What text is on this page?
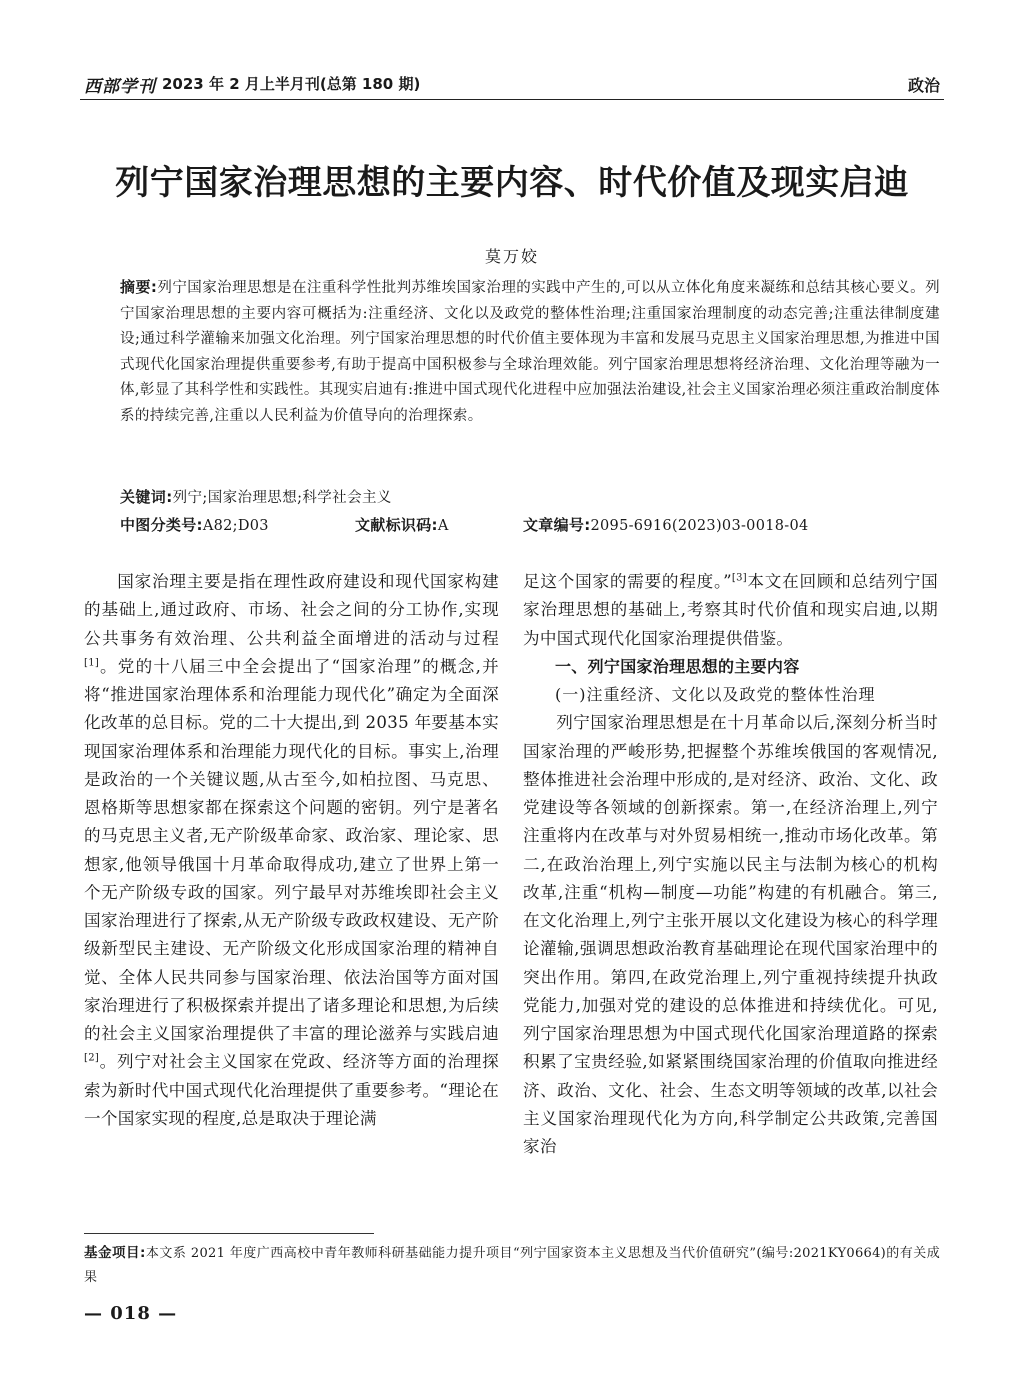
西部学刊 2023 年 2 月上半月刊(总第 180 期)	政治
列宁国家治理思想的主要内容、时代价值及现实启迪
莫万姣
摘要:列宁国家治理思想是在注重科学性批判苏维埃国家治理的实践中产生的,可以从立体化角度来凝练和总结其核心要义。列宁国家治理思想的主要内容可概括为:注重经济、文化以及政党的整体性治理;注重国家治理制度的动态完善;注重法律制度建设;通过科学灌输来加强文化治理。列宁国家治理思想的时代价值主要体现为丰富和发展马克思主义国家治理思想,为推进中国式现代化国家治理提供重要参考,有助于提高中国积极参与全球治理效能。列宁国家治理思想将经济治理、文化治理等融为一体,彰显了其科学性和实践性。其现实启迪有:推进中国式现代化进程中应加强法治建设,社会主义国家治理必须注重政治制度体系的持续完善,注重以人民利益为价值导向的治理探索。
关键词:列宁;国家治理思想;科学社会主义
中图分类号:A82;D03	文献标识码:A	文章编号:2095-6916(2023)03-0018-04

国家治理主要是指在理性政府建设和现代国家构建的基础上,通过政府、市场、社会之间的分工协作,实现公共事务有效治理、公共利益全面增进的活动与过程[1]。党的十八届三中全会提出了“国家治理”的概念,并将“推进国家治理体系和治理能力现代化”确定为全面深化改革的总目标。党的二十大提出,到 2035 年要基本实现国家治理体系和治理能力现代化的目标。事实上,治理是政治的一个关键议题,从古至今,如柏拉图、马克思、恩格斯等思想家都在探索这个问题的密钥。列宁是著名的马克思主义者,无产阶级革命家、政治家、理论家、思想家,他领导俄国十月革命取得成功,建立了世界上第一个无产阶级专政的国家。列宁最早对苏维埃即社会主义国家治理进行了探索,从无产阶级专政政权建设、无产阶级新型民主建设、无产阶级文化形成国家治理的精神自觉、全体人民共同参与国家治理、依法治国等方面对国家治理进行了积极探索并提出了诸多理论和思想,为后续的社会主义国家治理提供了丰富的理论滋养与实践启迪[2]。列宁对社会主义国家在党政、经济等方面的治理探索为新时代中国式现代化治理提供了重要参考。“理论在一个国家实现的程度,总是取决于理论满

足这个国家的需要的程度。”[3]本文在回顾和总结列宁国家治理思想的基础上,考察其时代价值和现实启迪,以期为中国式现代化国家治理提供借鉴。

一、列宁国家治理思想的主要内容

(一)注重经济、文化以及政党的整体性治理

列宁国家治理思想是在十月革命以后,深刻分析当时国家治理的严峻形势,把握整个苏维埃俄国的客观情况,整体推进社会治理中形成的,是对经济、政治、文化、政党建设等各领域的创新探索。第一,在经济治理上,列宁注重将内在改革与对外贸易相统一,推动市场化改革。第二,在政治治理上,列宁实施以民主与法制为核心的机构改革,注重“机构—制度—功能”构建的有机融合。第三,在文化治理上,列宁主张开展以文化建设为核心的科学理论灌输,强调思想政治教育基础理论在现代国家治理中的突出作用。第四,在政党治理上,列宁重视持续提升执政党能力,加强对党的建设的总体推进和持续优化。可见,列宁国家治理思想为中国式现代化国家治理道路的探索积累了宝贵经验,如紧紧围绕国家治理的价值取向推进经济、政治、文化、社会、生态文明等领域的改革,以社会主义国家治理现代化为方向,科学制定公共政策,完善国家治

基金项目:本文系 2021 年度广西高校中青年教师科研基础能力提升项目“列宁国家资本主义思想及当代价值研究”(编号:2021KY0664)的有关成果
— 018 —
